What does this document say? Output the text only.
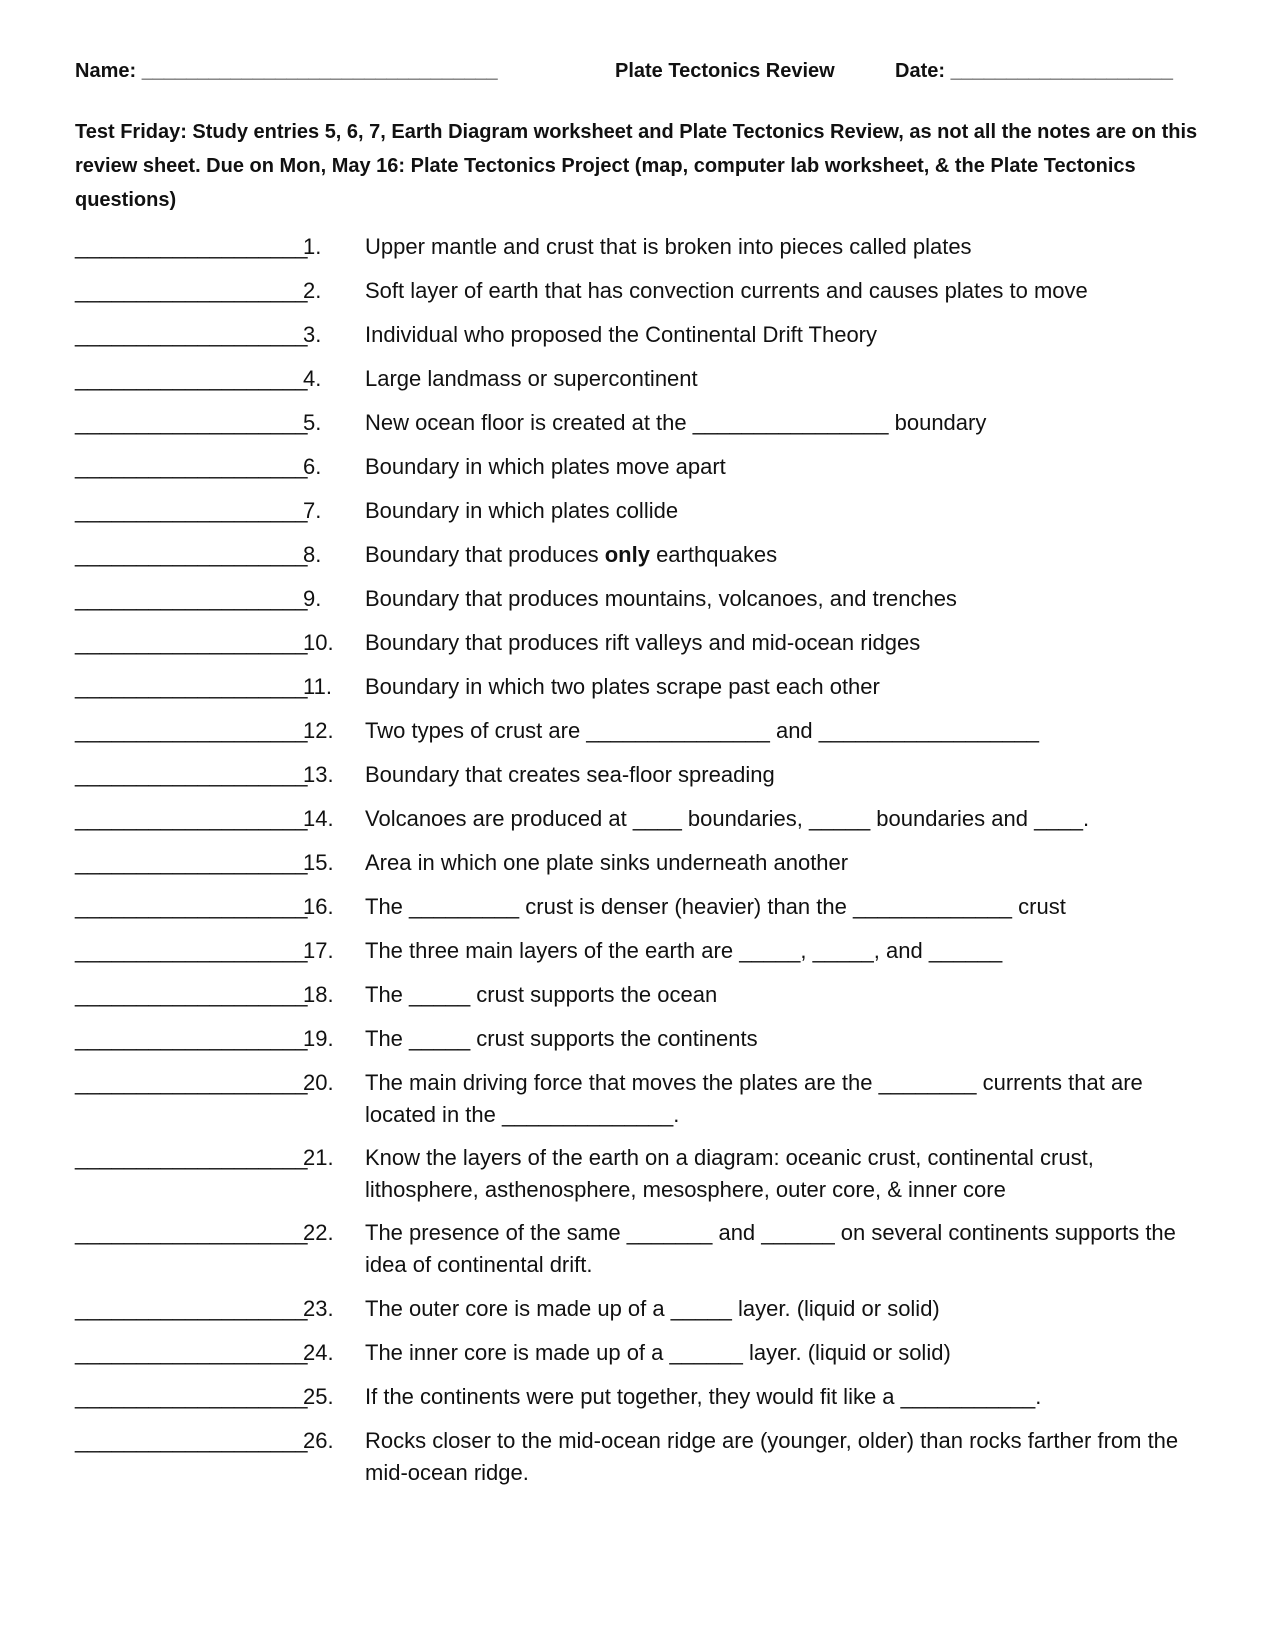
Name: ________________________________	Plate Tectonics Review	Date: ____________________
Test Friday: Study entries 5, 6, 7, Earth Diagram worksheet and Plate Tectonics Review, as not all the notes are on this review sheet. Due on Mon, May 16: Plate Tectonics Project (map, computer lab worksheet, & the Plate Tectonics questions)
___________________
1.	Upper mantle and crust that is broken into pieces called plates
___________________
2.	Soft layer of earth that has convection currents and causes plates to move
___________________
3.	Individual who proposed the Continental Drift Theory
___________________
4.	Large landmass or supercontinent
___________________
5.	New ocean floor is created at the ________________ boundary
___________________
6.	Boundary in which plates move apart
___________________
7.	Boundary in which plates collide
___________________
8.	Boundary that produces only earthquakes
___________________
9.	Boundary that produces mountains, volcanoes, and trenches
___________________
10.	Boundary that produces rift valleys and mid-ocean ridges
___________________
11.	Boundary in which two plates scrape past each other
___________________
12.	Two types of crust are _______________ and __________________
___________________
13.	Boundary that creates sea-floor spreading
___________________
14.	Volcanoes are produced at ____ boundaries, _____ boundaries and ____.
___________________
15.	Area in which one plate sinks underneath another
___________________
16.	The _________ crust is denser (heavier) than the _____________ crust
___________________
17.	The three main layers of the earth are _____, _____, and ______
___________________
18.	The _____ crust supports the ocean
___________________
19.	The _____ crust supports the continents
___________________
20.	The main driving force that moves the plates are the ________ currents that are located in the ______________.
___________________
21.	Know the layers of the earth on a diagram: oceanic crust, continental crust, lithosphere, asthenosphere, mesosphere, outer core, & inner core
___________________
22.	The presence of the same _______ and ______ on several continents supports the idea of continental drift.
___________________
23.	The outer core is made up of a _____ layer. (liquid or solid)
___________________
24.	The inner core is made up of a ______ layer. (liquid or solid)
___________________
25.	If the continents were put together, they would fit like a ___________.
___________________
26.	Rocks closer to the mid-ocean ridge are (younger, older) than rocks farther from the mid-ocean ridge.
